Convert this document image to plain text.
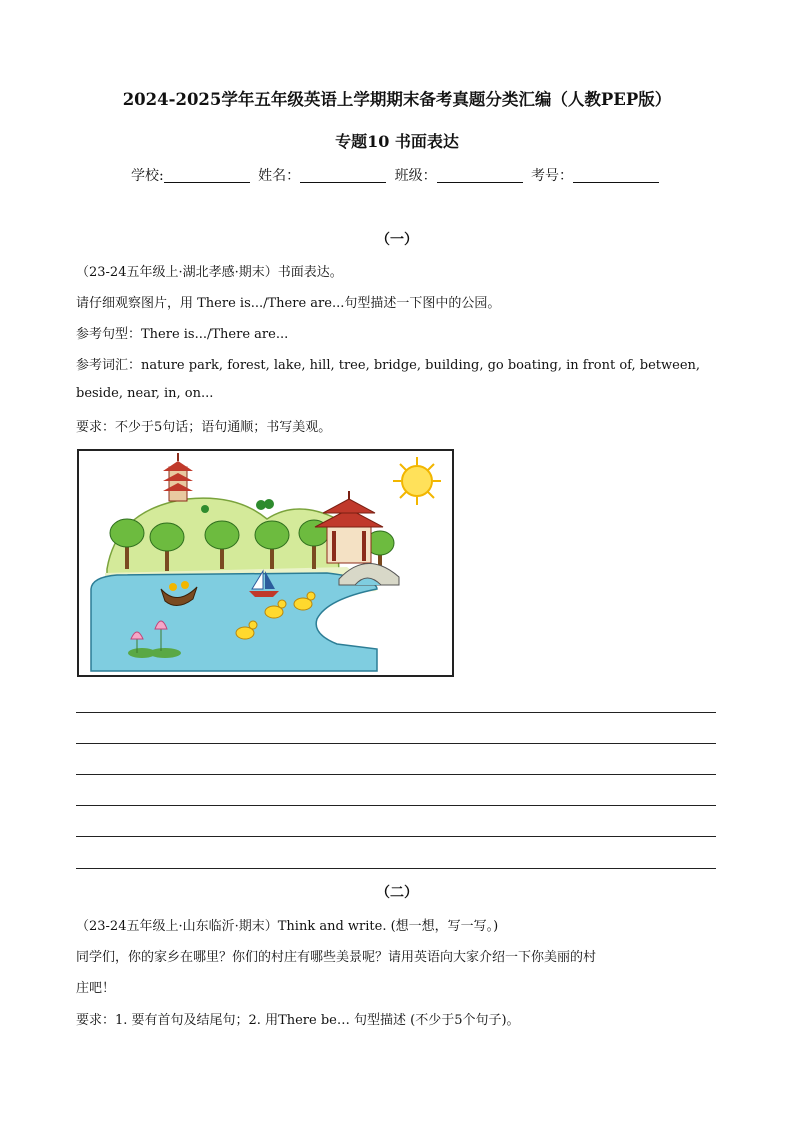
2024-2025学年五年级英语上学期期末备考真题分类汇编（人教PEP版）
专题10 书面表达
学校:	姓名：	班级：	考号：
（一）
（23-24五年级上·湖北孝感·期末）书面表达。
请仔细观察图片，用 There is.../There are...句型描述一下图中的公园。
参考句型：There is.../There are...
参考词汇：nature park, forest, lake, hill, tree, bridge, building, go boating, in front of, between,
beside, near, in, on...
要求：不少于5句话；语句通顺；书写美观。
（二）
（23-24五年级上·山东临沂·期末）Think and write. (想一想，写一写。)
同学们，你的家乡在哪里？你们的村庄有哪些美景呢？请用英语向大家介绍一下你美丽的村
庄吧！
要求：1. 要有首句及结尾句；2. 用There be… 句型描述 (不少于5个句子)。
